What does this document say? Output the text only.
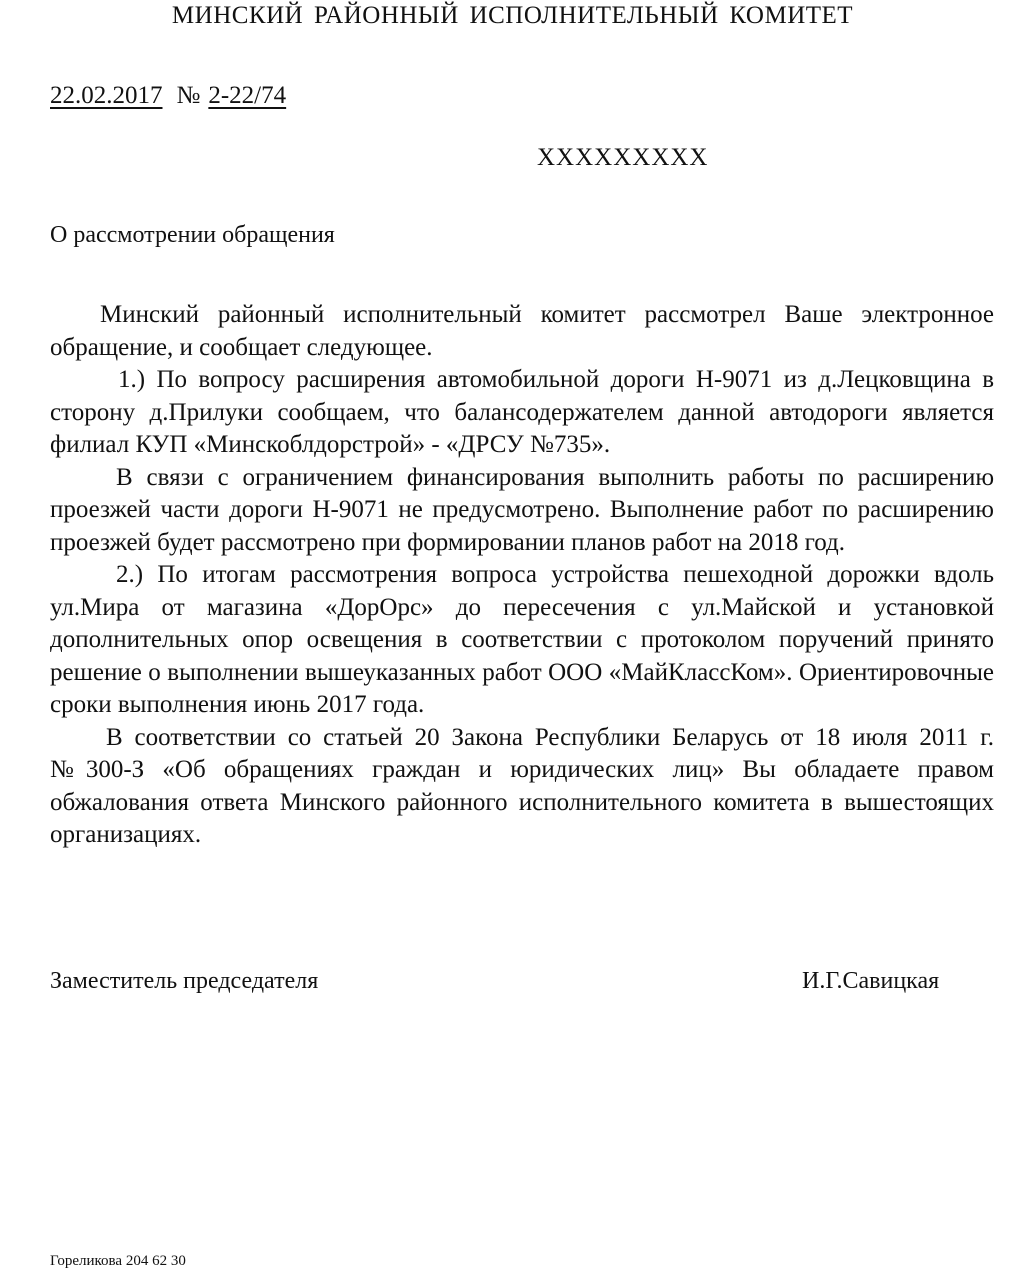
МИНСКИЙ РАЙОННЫЙ ИСПОЛНИТЕЛЬНЫЙ КОМИТЕТ
22.02.2017 № 2-22/74
XXXXXXXXX
О рассмотрении обращения

Минский районный исполнительный комитет рассмотрел Ваше электронное обращение, и сообщает следующее.

1.) По вопросу расширения автомобильной дороги Н-9071 из д.Лецковщина в сторону д.Прилуки сообщаем, что балансодержателем данной автодороги является филиал КУП «Минскоблдорстрой» - «ДРСУ №735».

В связи с ограничением финансирования выполнить работы по расширению проезжей части дороги Н-9071 не предусмотрено. Выполнение работ по расширению проезжей будет рассмотрено при формировании планов работ на 2018 год.

2.) По итогам рассмотрения вопроса устройства пешеходной дорожки вдоль ул.Мира от магазина «ДорОрс» до пересечения с ул.Майской и установкой дополнительных опор освещения в соответствии с протоколом поручений принято решение о выполнении вышеуказанных работ ООО «МайКлассКом». Ориентировочные сроки выполнения июнь 2017 года.

В соответствии со статьей 20 Закона Республики Беларусь от 18 июля 2011 г. №300-З «Об обращениях граждан и юридических лиц» Вы обладаете правом обжалования ответа Минского районного исполнительного комитета в вышестоящих организациях.

Заместитель председателя	И.Г.Савицкая
Гореликова 204 62 30
